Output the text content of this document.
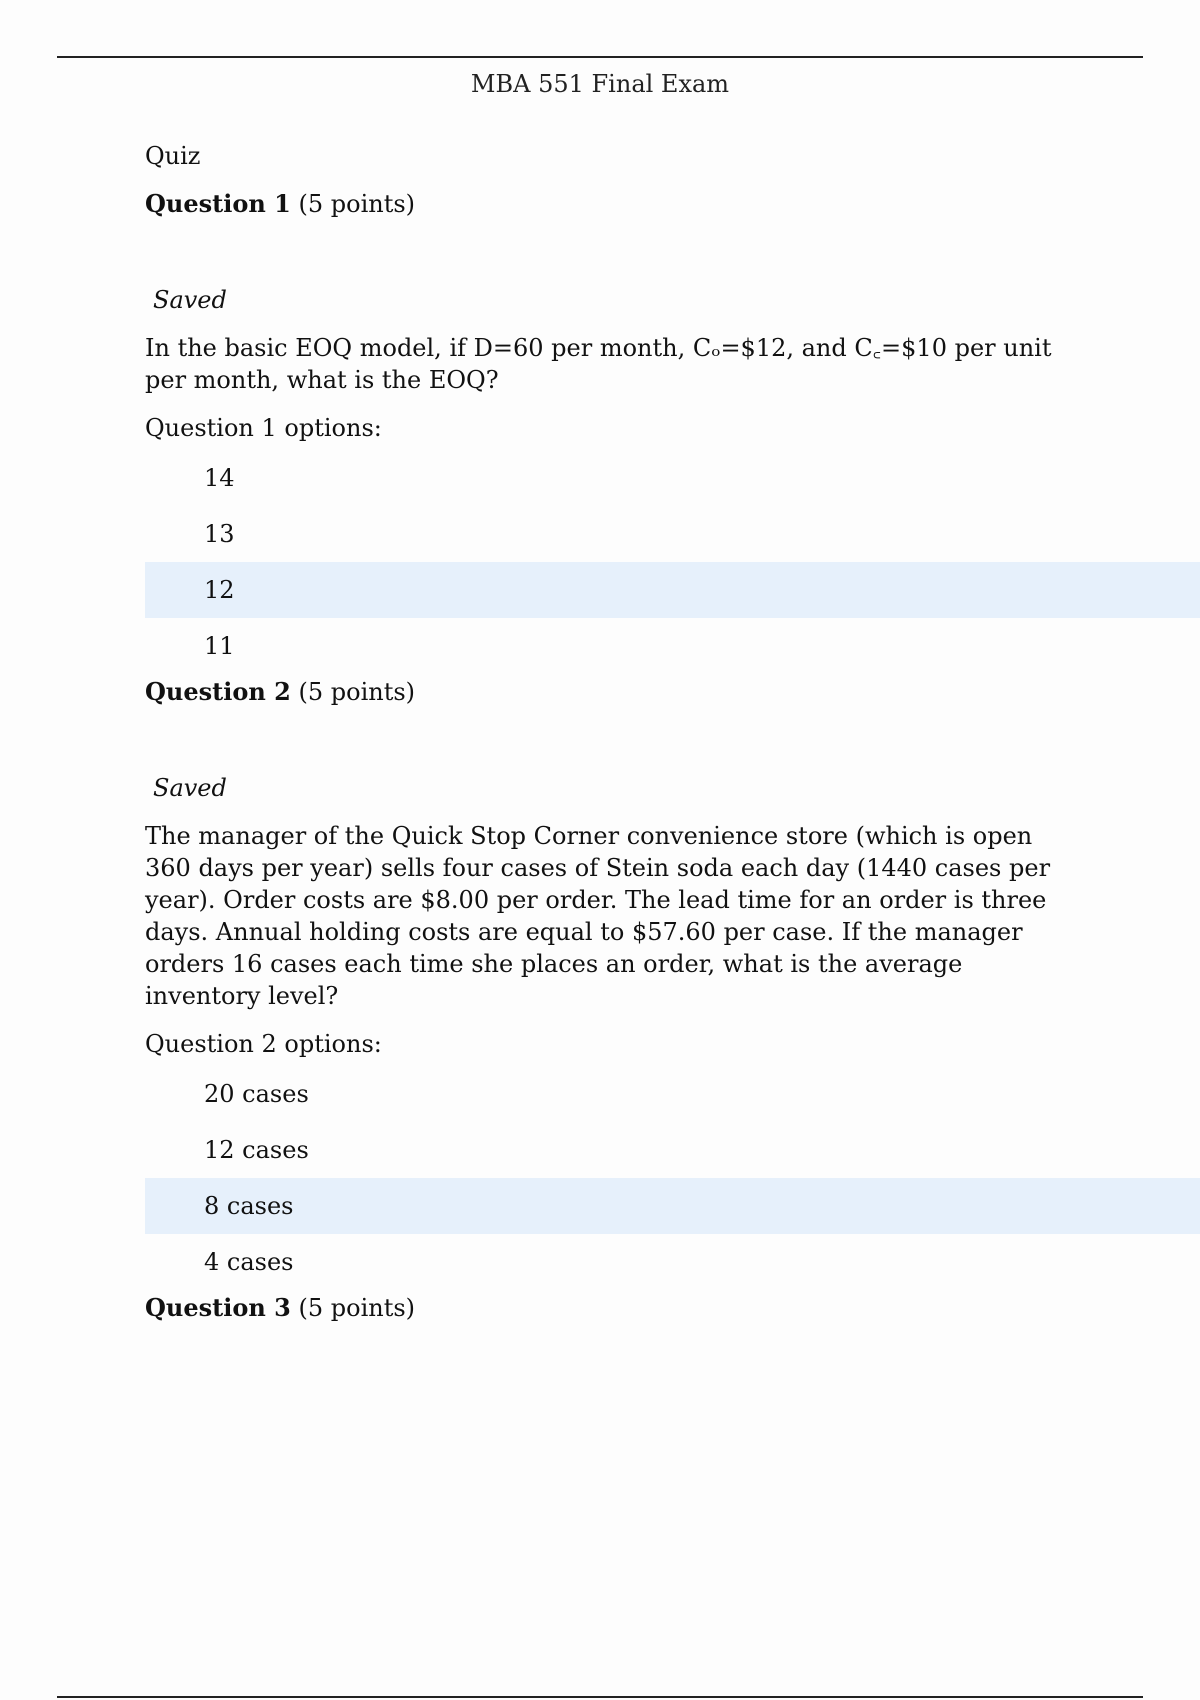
MBA 551 Final Exam
Quiz
Question 1 (5 points)
Saved
In the basic EOQ model, if D=60 per month, Cₒ=$12, and C꜀=$10 per unit per month, what is the EOQ?
Question 1 options:
14
13
12
11
Question 2 (5 points)
Saved
The manager of the Quick Stop Corner convenience store (which is open 360 days per year) sells four cases of Stein soda each day (1440 cases per year). Order costs are $8.00 per order. The lead time for an order is three days. Annual holding costs are equal to $57.60 per case. If the manager orders 16 cases each time she places an order, what is the average inventory level?
Question 2 options:
20 cases
12 cases
8 cases
4 cases
Question 3 (5 points)
